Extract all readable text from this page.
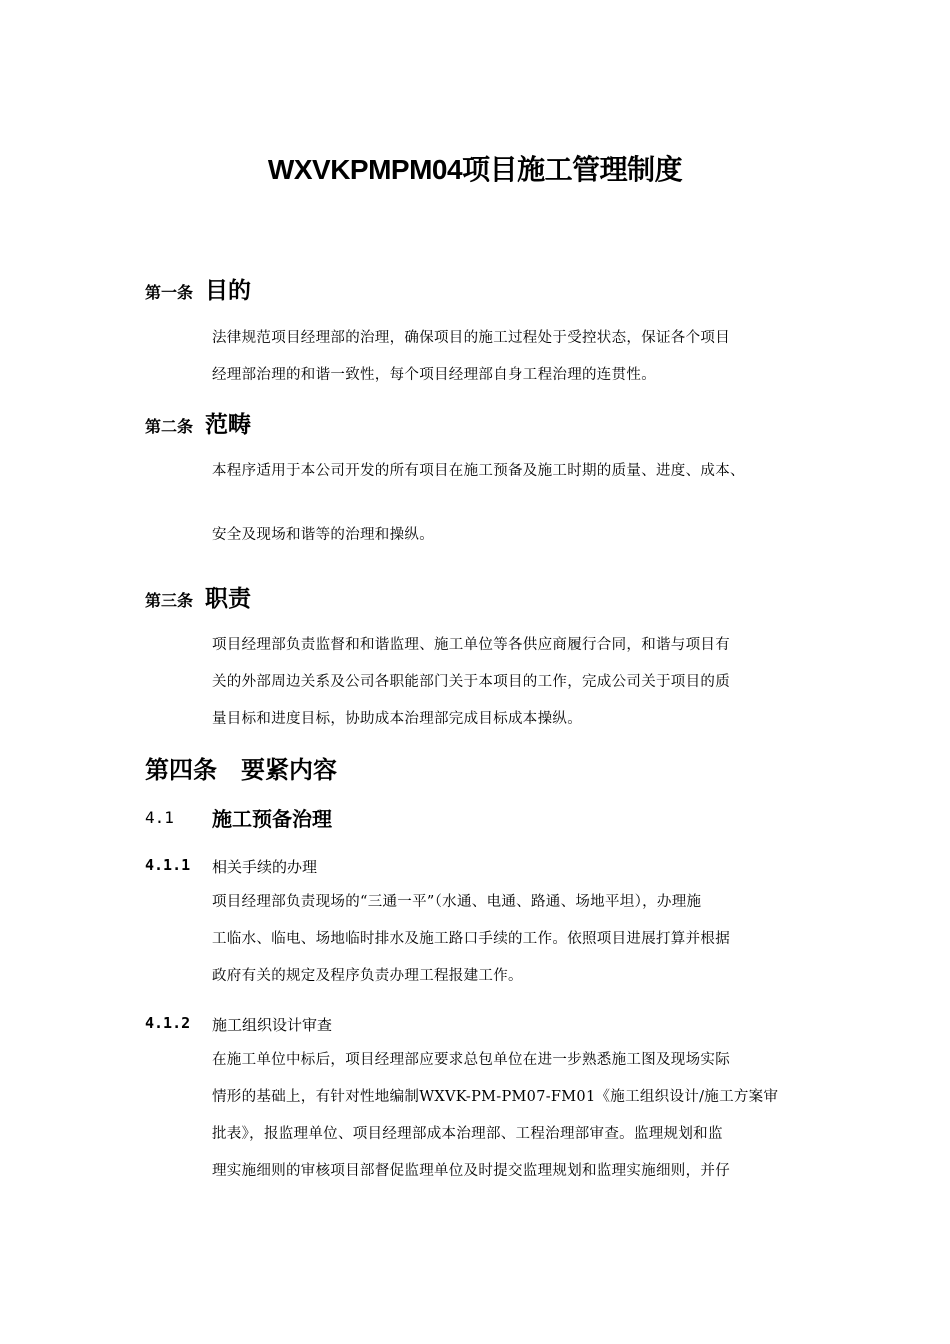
WXVKPMPM04项目施工管理制度
第一条 目的
法律规范项目经理部的治理，确保项目的施工过程处于受控状态，保证各个项目
经理部治理的和谐一致性，每个项目经理部自身工程治理的连贯性。
第二条 范畴
本程序适用于本公司开发的所有项目在施工预备及施工时期的质量、进度、成本、
安全及现场和谐等的治理和操纵。
第三条 职责
项目经理部负责监督和和谐监理、施工单位等各供应商履行合同，和谐与项目有
关的外部周边关系及公司各职能部门关于本项目的工作，完成公司关于项目的质
量目标和进度目标，协助成本治理部完成目标成本操纵。
第四条 要紧内容
4.1 施工预备治理
4.1.1 相关手续的办理
项目经理部负责现场的“三通一平”（水通、电通、路通、场地平坦），办理施
工临水、临电、场地临时排水及施工路口手续的工作。依照项目进展打算并根据
政府有关的规定及程序负责办理工程报建工作。
4.1.2 施工组织设计审查
在施工单位中标后，项目经理部应要求总包单位在进一步熟悉施工图及现场实际
情形的基础上，有针对性地编制WXVK-PM-PM07-FM01《施工组织设计/施工方案审
批表》，报监理单位、项目经理部成本治理部、工程治理部审查。监理规划和监
理实施细则的审核项目部督促监理单位及时提交监理规划和监理实施细则，并仔
